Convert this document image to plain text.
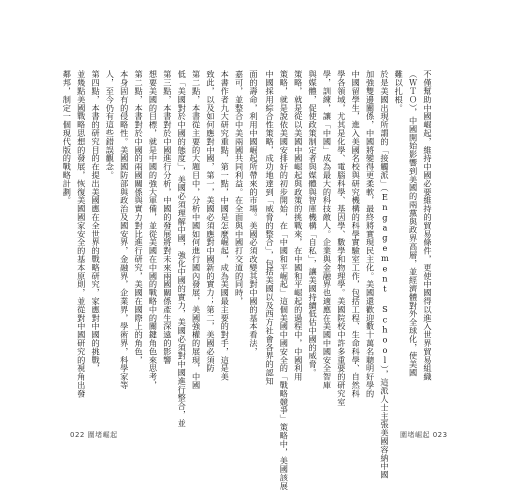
面的壽命，利用中國崛起所帶來的市場。美國必須改變其對中國的基本看法，
嘉可，並整合中美兩國共同利益。在全面與中國打交道的同時，
本書作者九大研究重點，第一點，中國是怎麼崛起，成為美國最主要的對手，這是美
致此，以及如何應對中國，第一，美國必須應對中國新的實力；第二，美國必須防
第二點，本書從主要的大題目中，分析中國如何進行國內發展，美國強權的展現，中國
低「美國對於中國的態度」，美國必須理解中國，強化中國的實力，美國必須對中國進行整合，並
第三點，本書對於中國進行分析，中國的發展將對未來兩國關係產生深遠的影響
想要美國的目標，就是中國的強大軍備，並從美國在中國的戰略中的關鍵角色來思考，
第二點，本書對於中國的兩國關係與實力對比進行研究，美國在國際上的角色，
本身固有的侵略性。美國國防部與政治及國安界，金融界，企業界，學術界，科學家等
人，至今仍有這些錯誤觀念。
第四點，本書的研究目的在提出美國應在全世界的戰略研究，家應對中國的挑戰，
並幾點美國戰略思想的發展，恢復美國國家安全的基本原則，並從對中國研究的視角出發
鄰邦，制定一個現代版的戰略計劃。	不僅幫助中國崛起，維持中國必要維持的貿易條件，更使中國得以進入世界貿易組織
（ＷＴＯ），中國開始影響到美國的兩黨與政界高層，並經濟體對外全球化，使美國
難以扎根。
於是美國出現所謂的「接觸派」（Engagement School），這派人士主張美國容納中國
加強雙邊關係，中國將變得更柔軟，最終將實現民主化。美國還歡迎數十萬名聰明好學的
中國留學生，進入美國名校與研究機構的科學實驗室工作，包括工程、生命科學、自然科
學各領域，尤其是化學、電腦科學、基因學、數學和物理學。美國院校中許多重要的研究室
學，訓練，讓「中國」成為最大的科技敵人。企業與金融界也適應在美國中國安全智庫
與媒體，促使政策制定者與媒體與智庫機構「自私」，讓美國持續低估中國的威脅。
策略，就是從以美國中國崛起與政策的挑戰來，在中國和平崛起的過程中，中國利用
策略，就是說依美國安排好的初步開始，在「中國和平崛起」這個美國中國安全的「戰略競爭」策略中，美國該展
中國採用綜合性策略，成功地達到「威脅的整合」，包括美國以及西方社會各界的認知
022 圍堵崛起	圍堵崛起 023
